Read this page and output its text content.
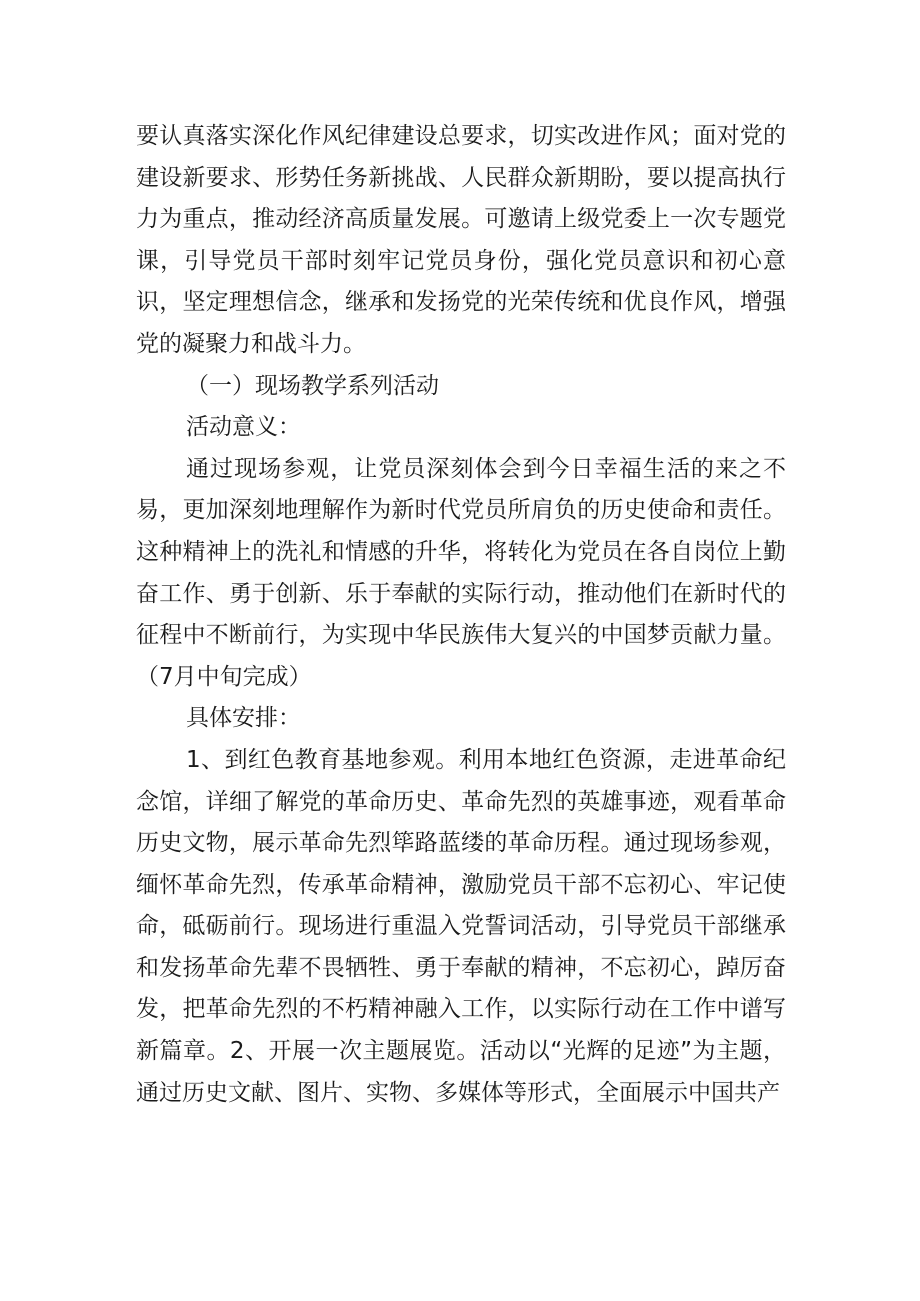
要认真落实深化作风纪律建设总要求，切实改进作风；面对党的建设新要求、形势任务新挑战、人民群众新期盼，要以提高执行力为重点，推动经济高质量发展。可邀请上级党委上一次专题党课，引导党员干部时刻牢记党员身份，强化党员意识和初心意识，坚定理想信念，继承和发扬党的光荣传统和优良作风，增强党的凝聚力和战斗力。

（一）现场教学系列活动

活动意义：

通过现场参观，让党员深刻体会到今日幸福生活的来之不易，更加深刻地理解作为新时代党员所肩负的历史使命和责任。这种精神上的洗礼和情感的升华，将转化为党员在各自岗位上勤奋工作、勇于创新、乐于奉献的实际行动，推动他们在新时代的征程中不断前行，为实现中华民族伟大复兴的中国梦贡献力量。（7月中旬完成）

具体安排：

1、到红色教育基地参观。利用本地红色资源，走进革命纪念馆，详细了解党的革命历史、革命先烈的英雄事迹，观看革命历史文物，展示革命先烈筚路蓝缕的革命历程。通过现场参观，缅怀革命先烈，传承革命精神，激励党员干部不忘初心、牢记使命，砥砺前行。现场进行重温入党誓词活动，引导党员干部继承和发扬革命先辈不畏牺牲、勇于奉献的精神，不忘初心，踔厉奋发，把革命先烈的不朽精神融入工作，以实际行动在工作中谱写新篇章。2、开展一次主题展览。活动以“光辉的足迹”为主题，通过历史文献、图片、实物、多媒体等形式，全面展示中国共产
